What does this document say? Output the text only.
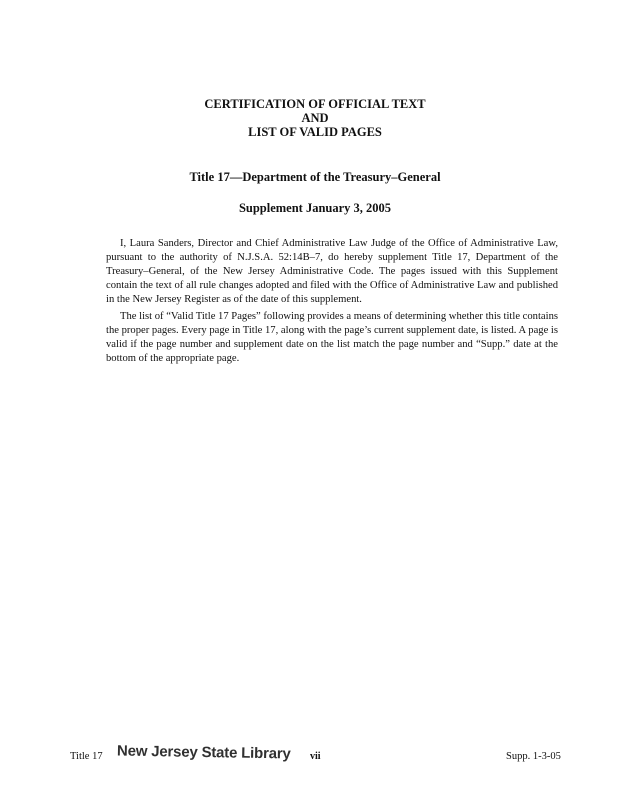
CERTIFICATION OF OFFICIAL TEXT
AND
LIST OF VALID PAGES
Title 17—Department of the Treasury–General
Supplement January 3, 2005

I, Laura Sanders, Director and Chief Administrative Law Judge of the Office of Administrative Law, pursuant to the authority of N.J.S.A. 52:14B–7, do hereby supplement Title 17, Department of the Treasury–General, of the New Jersey Administrative Code. The pages issued with this Supplement contain the text of all rule changes adopted and filed with the Office of Administrative Law and published in the New Jersey Register as of the date of this supplement.

The list of “Valid Title 17 Pages” following provides a means of determining whether this title contains the proper pages. Every page in Title 17, along with the page’s current supplement date, is listed. A page is valid if the page number and supplement date on the list match the page number and “Supp.” date at the bottom of the appropriate page.

Title 17 New Jersey State Library vii	Supp. 1-3-05
